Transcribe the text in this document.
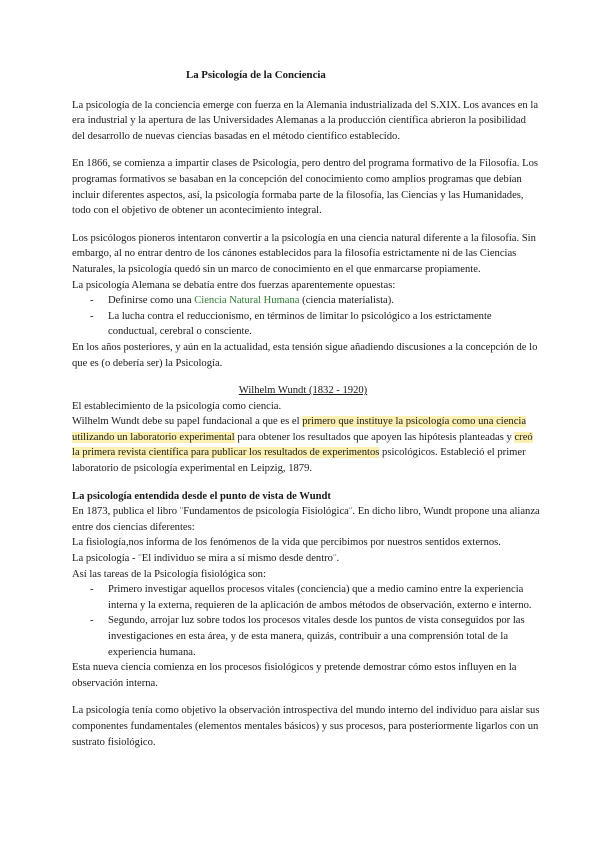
La Psicología de la Conciencia

La psicología de la conciencia emerge con fuerza en la Alemania industrializada del S.XIX. Los avances en la era industrial y la apertura de las Universidades Alemanas a la producción científica abrieron la posibilidad del desarrollo de nuevas ciencias basadas en el método científico establecido.

En 1866, se comienza a impartir clases de Psicología, pero dentro del programa formativo de la Filosofía. Los programas formativos se basaban en la concepción del conocimiento como amplios programas que debían incluir diferentes aspectos, así, la psicología formaba parte de la filosofía, las Ciencias y las Humanidades, todo con el objetivo de obtener un acontecimiento integral.

Los psicólogos pioneros intentaron convertir a la psicología en una ciencia natural diferente a la filosofía. Sin embargo, al no entrar dentro de los cánones establecidos para la filosofía estrictamente ni de las Ciencias Naturales, la psicología quedó sin un marco de conocimiento en el que enmarcarse propiamente.

La psicología Alemana se debatía entre dos fuerzas aparentemente opuestas:

- Definirse como una Ciencia Natural Humana (ciencia materialista).
- La lucha contra el reduccionismo, en términos de limitar lo psicológico a los estrictamente conductual, cerebral o consciente.

En los años posteriores, y aún en la actualidad, esta tensión sigue añadiendo discusiones a la concepción de lo que es (o debería ser) la Psicología.

Wilhelm Wundt (1832 - 1920)

El establecimiento de la psicología como ciencia.

Wilhelm Wundt debe su papel fundacional a que es el primero que instituye la psicología como una ciencia utilizando un laboratorio experimental para obtener los resultados que apoyen las hipótesis planteadas y creó la primera revista científica para publicar los resultados de experimentos psicológicos. Estableció el primer laboratorio de psicología experimental en Leipzig, 1879.

La psicología entendida desde el punto de vista de Wundt

En 1873, publica el libro ¨Fundamentos de psicología Fisiológica¨. En dicho libro, Wundt propone una alianza entre dos ciencias diferentes:

La fisiología,nos informa de los fenómenos de la vida que percibimos por nuestros sentidos externos.

La psicología - ¨El individuo se mira a sí mismo desde dentro¨.

Así las tareas de la Psicología fisiológica son:

- Primero investigar aquellos procesos vitales (conciencia) que a medio camino entre la experiencia interna y la externa, requieren de la aplicación de ambos métodos de observación, externo e interno.
- Segundo, arrojar luz sobre todos los procesos vitales desde los puntos de vista conseguidos por las investigaciones en esta área, y de esta manera, quizás, contribuir a una comprensión total de la experiencia humana.

Esta nueva ciencia comienza en los procesos fisiológicos y pretende demostrar cómo estos influyen en la observación interna.

La psicología tenía como objetivo la observación introspectiva del mundo interno del individuo para aislar sus componentes fundamentales (elementos mentales básicos) y sus procesos, para posteriormente ligarlos con un sustrato fisiológico.
